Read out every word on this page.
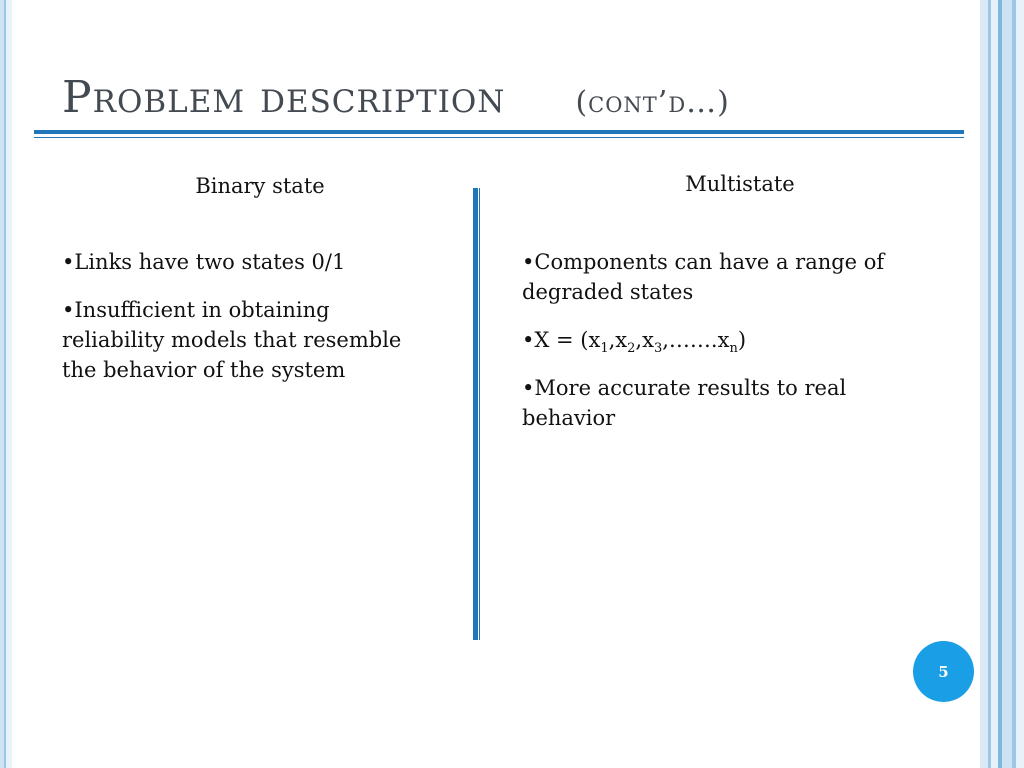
Problem description (cont’d…)
Binary state

•Links have two states 0/1

•Insufficient in obtaining reliability models that resemble the behavior of the system

Multistate

•Components can have a range of degraded states

•X = $(x_1,x_2,x_3,\dots\dots.x_n)$

•More accurate results to real behavior

5
